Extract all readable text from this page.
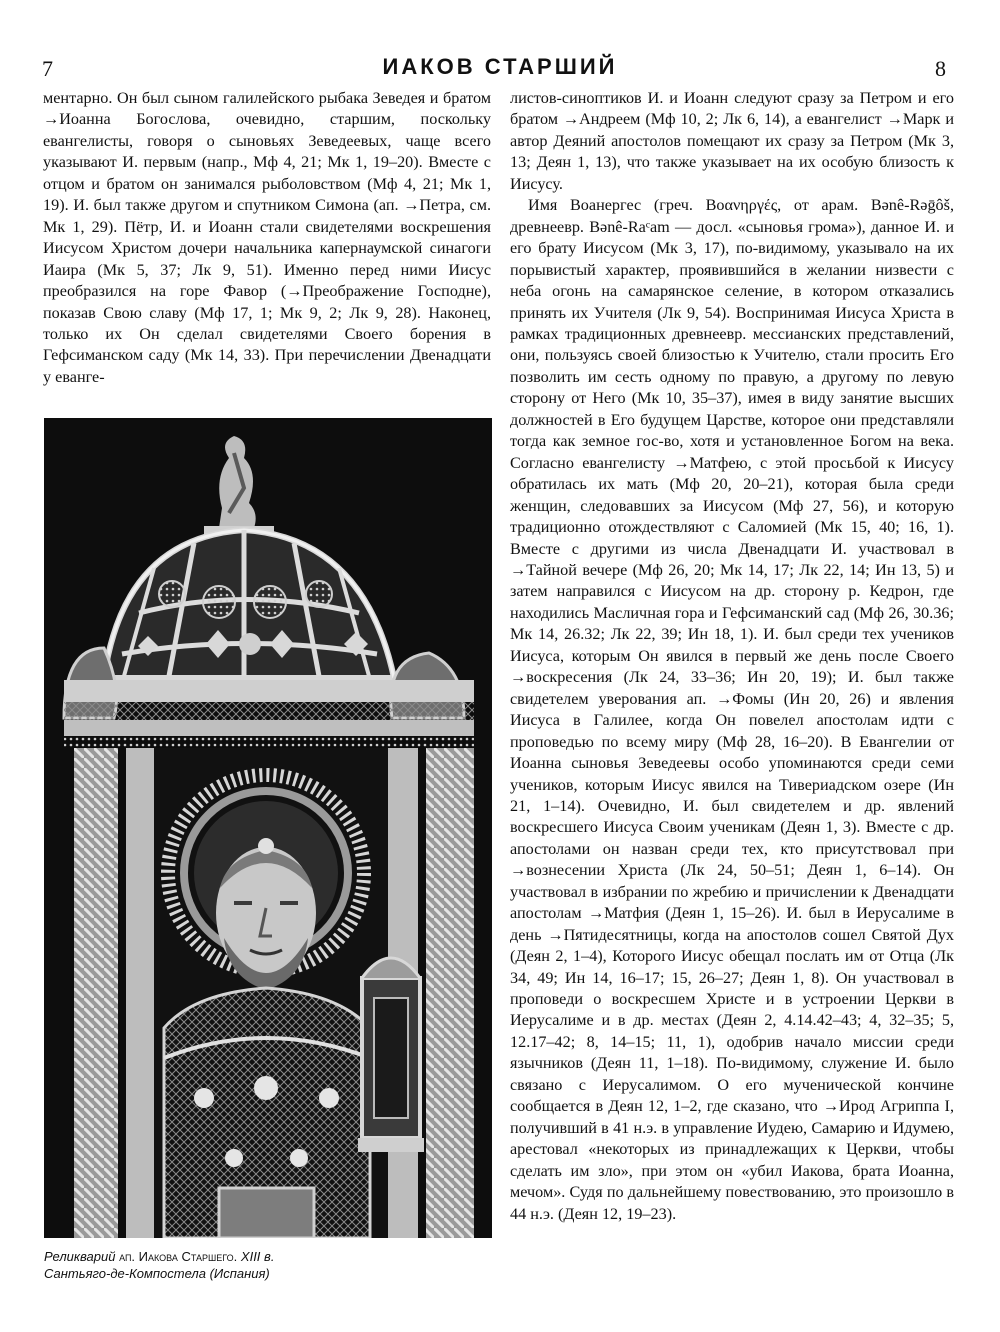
7	ИАКОВ СТАРШИЙ	8

ментарно. Он был сыном галилейского рыбака Зеведея и братом →Иоанна Богослова, очевидно, старшим, поскольку евангелисты, говоря о сыновьях Зеведеевых, чаще всего указывают И. первым (напр., Мф 4, 21; Мк 1, 19–20). Вместе с отцом и братом он занимался рыболовством (Мф 4, 21; Мк 1, 19). И. был также другом и спутником Симона (ап. →Петра, см. Мк 1, 29). Пётр, И. и Иоанн стали свидетелями воскрешения Иисусом Христом дочери начальника капернаумской синагоги Иаира (Мк 5, 37; Лк 9, 51). Именно перед ними Иисус преобразился на горе Фавор (→Преображение Господне), показав Свою славу (Мф 17, 1; Мк 9, 2; Лк 9, 28). Наконец, только их Он сделал свидетелями Своего борения в Гефсиманском саду (Мк 14, 33). При перечислении Двенадцати у еванге-

листов-синоптиков И. и Иоанн следуют сразу за Петром и его братом →Андреем (Мф 10, 2; Лк 6, 14), а евангелист →Марк и автор Деяний апостолов помещают их сразу за Петром (Мк 3, 13; Деян 1, 13), что также указывает на их особую близость к Иисусу.

Имя Воанергес (греч. Βοανηργές, от арам. Bənê-Rəḡôš, древнеевр. Bənê-Raᶜam — досл. «сыновья грома»), данное И. и его брату Иисусом (Мк 3, 17), по-видимому, указывало на их порывистый характер, проявившийся в желании низвести с неба огонь на самарянское селение, в котором отказались принять их Учителя (Лк 9, 54). Воспринимая Иисуса Христа в рамках традиционных древнеевр. мессианских представлений, они, пользуясь своей близостью к Учителю, стали просить Его позволить им сесть одному по правую, а другому по левую сторону от Него (Мк 10, 35–37), имея в виду занятие высших должностей в Его будущем Царстве, которое они представляли тогда как земное гос-во, хотя и установленное Богом на века. Согласно евангелисту →Матфею, с этой просьбой к Иисусу обратилась их мать (Мф 20, 20–21), которая была среди женщин, следовавших за Иисусом (Мф 27, 56), и которую традиционно отождествляют с Саломией (Мк 15, 40; 16, 1). Вместе с другими из числа Двенадцати И. участвовал в →Тайной вечере (Мф 26, 20; Мк 14, 17; Лк 22, 14; Ин 13, 5) и затем направился с Иисусом на др. сторону р. Кедрон, где находились Масличная гора и Гефсиманский сад (Мф 26, 30.36; Мк 14, 26.32; Лк 22, 39; Ин 18, 1). И. был среди тех учеников Иисуса, которым Он явился в первый же день после Своего →воскресения (Лк 24, 33–36; Ин 20, 19); И. был также свидетелем уверования ап. →Фомы (Ин 20, 26) и явления Иисуса в Галилее, когда Он повелел апостолам идти с проповедью по всему миру (Мф 28, 16–20). В Евангелии от Иоанна сыновья Зеведеевы особо упоминаются среди семи учеников, которым Иисус явился на Тивериадском озере (Ин 21, 1–14). Очевидно, И. был свидетелем и др. явлений воскресшего Иисуса Своим ученикам (Деян 1, 3). Вместе с др. апостолами он назван среди тех, кто присутствовал при →вознесении Христа (Лк 24, 50–51; Деян 1, 6–14). Он участвовал в избрании по жребию и причислении к Двенадцати апостолам →Матфия (Деян 1, 15–26). И. был в Иерусалиме в день →Пятидесятницы, когда на апостолов сошел Святой Дух (Деян 2, 1–4), Которого Иисус обещал послать им от Отца (Лк 34, 49; Ин 14, 16–17; 15, 26–27; Деян 1, 8). Он участвовал в проповеди о воскресшем Христе и в устроении Церкви в Иерусалиме и в др. местах (Деян 2, 4.14.42–43; 4, 32–35; 5, 12.17–42; 8, 14–15; 11, 1), одобрив начало миссии среди язычников (Деян 11, 1–18). По-видимому, служение И. было связано с Иерусалимом. О его мученической кончине сообщается в Деян 12, 1–2, где сказано, что →Ирод Агриппа I, получивший в 41 н.э. в управление Иудею, Самарию и Идумею, арестовал «некоторых из принадлежащих к Церкви, чтобы сделать им зло», при этом он «убил Иакова, брата Иоанна, мечом». Судя по дальнейшему повествованию, это произошло в 44 н.э. (Деян 12, 19–23).

Реликварий ап. Иакова Старшего. XIII в.
Сантьяго-де-Компостела (Испания)
